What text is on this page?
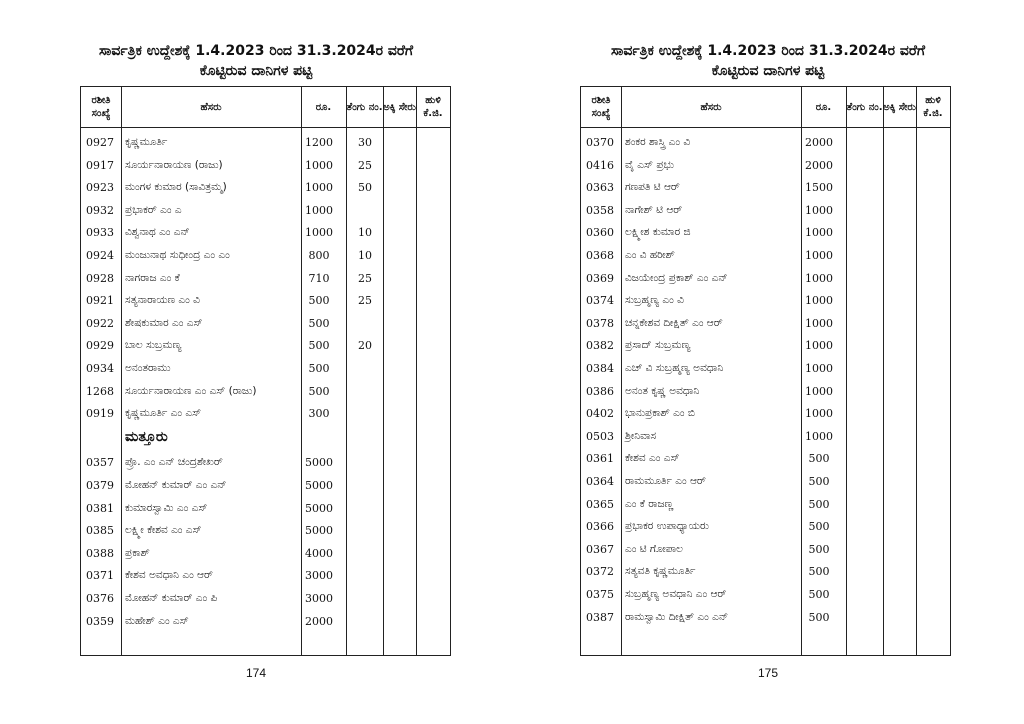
ಸಾರ್ವತ್ರಿಕ ಉದ್ದೇಶಕ್ಕೆ 1.4.2023 ರಿಂದ 31.3.2024ರ ವರೆಗೆ
ಕೊಟ್ಟಿರುವ ದಾನಿಗಳ ಪಟ್ಟಿ
ರಶೀತಿ ಸಂಖ್ಯೆ
ಹೆಸರು	ರೂ.	ತೆಂಗು ನಂ. ಅಕ್ಕಿ ಸೇರು
ಹುಳಿ ಕೆ.ಜಿ.
0927 ಕೃಷ್ಣಮೂರ್ತಿ	1200	30
0917 ಸೂರ್ಯನಾರಾಯಣ (ರಾಜು)	1000	25
0923 ಮಂಗಳ ಕುಮಾರ (ಸಾವಿತ್ರಮ್ಮ)	1000	50
0932 ಪ್ರಭಾಕರ್ ಎಂ ಎ	1000
0933 ವಿಶ್ವನಾಥ ಎಂ ಎನ್	1000	10
0924 ಮಂಜುನಾಥ ಸುಧೀಂದ್ರ ಎಂ ಎಂ	800	10
0928 ನಾಗರಾಜ ಎಂ ಕೆ	710	25
0921 ಸತ್ಯನಾರಾಯಣ ಎಂ ವಿ	500	25
0922 ಶೇಷಕುಮಾರ ಎಂ ಎಸ್	500
0929 ಬಾಲ ಸುಬ್ರಮಣ್ಯ	500	20
0934 ಅನಂತರಾಮು	500
1268 ಸೂರ್ಯನಾರಾಯಣ ಎಂ ಎಸ್ (ರಾಜು)	500
0919 ಕೃಷ್ಣಮೂರ್ತಿ ಎಂ ಎಸ್	300
ಮತ್ತೂರು
0357 ಪ್ರೊ. ಎಂ ಎನ್ ಚಂದ್ರಶೇಖರ್	5000
0379 ಮೋಹನ್ ಕುಮಾರ್ ಎಂ ಎನ್	5000
0381 ಕುಮಾರಸ್ವಾಮಿ ಎಂ ಎಸ್	5000
0385 ಲಕ್ಷ್ಮೀ ಕೇಶವ ಎಂ ಎಸ್	5000
0388 ಪ್ರಕಾಶ್	4000
0371 ಕೇಶವ ಅವಧಾನಿ ಎಂ ಆರ್	3000
0376 ಮೋಹನ್ ಕುಮಾರ್ ಎಂ ಪಿ	3000
0359 ಮಹೇಶ್ ಎಂ ಎಸ್	2000
174
ಸಾರ್ವತ್ರಿಕ ಉದ್ದೇಶಕ್ಕೆ 1.4.2023 ರಿಂದ 31.3.2024ರ ವರೆಗೆ
ಕೊಟ್ಟಿರುವ ದಾನಿಗಳ ಪಟ್ಟಿ
ರಶೀತಿ ಸಂಖ್ಯೆ
ಹೆಸರು	ರೂ.	ತೆಂಗು ನಂ. ಅಕ್ಕಿ ಸೇರು
ಹುಳಿ ಕೆ.ಜಿ.
0370 ಶಂಕರ ಶಾಸ್ತ್ರಿ ಎಂ ವಿ	2000
0416 ವೈ ಎಸ್ ಪ್ರಭು	2000
0363 ಗಣಪತಿ ಟಿ ಆರ್	1500
0358 ನಾಗೇಶ್ ಟಿ ಆರ್	1000
0360 ಲಕ್ಷ್ಮೀಶ ಕುಮಾರ ಜಿ	1000
0368 ಎಂ ವಿ ಹರೀಶ್	1000
0369 ವಿಜಯೇಂದ್ರ ಪ್ರಕಾಶ್ ಎಂ ಎನ್	1000
0374 ಸುಬ್ರಹ್ಮಣ್ಯ ಎಂ ವಿ	1000
0378 ಚನ್ನಕೇಶವ ದೀಕ್ಷಿತ್ ಎಂ ಆರ್	1000
0382 ಪ್ರಸಾದ್ ಸುಬ್ರಮಣ್ಯ	1000
0384 ಎಚ್ ವಿ ಸುಬ್ರಹ್ಮಣ್ಯ ಅವಧಾನಿ	1000
0386 ಅನಂತ ಕೃಷ್ಣ ಅವಧಾನಿ	1000
0402 ಭಾನುಪ್ರಕಾಶ್ ಎಂ ಬಿ	1000
0503 ಶ್ರೀನಿವಾಸ	1000
0361 ಕೇಶವ ಎಂ ಎಸ್	500
0364 ರಾಮಮೂರ್ತಿ ಎಂ ಆರ್	500
0365 ಎಂ ಕೆ ರಾಜಣ್ಣ	500
0366 ಪ್ರಭಾಕರ ಉಪಾಧ್ಯಾಯರು	500
0367 ಎಂ ಟಿ ಗೋಪಾಲ	500
0372 ಸತ್ಯವತಿ ಕೃಷ್ಣಮೂರ್ತಿ	500
0375 ಸುಬ್ರಹ್ಮಣ್ಯ ಅವಧಾನಿ ಎಂ ಆರ್	500
0387 ರಾಮಸ್ವಾಮಿ ದೀಕ್ಷಿತ್ ಎಂ ಎನ್	500
175
